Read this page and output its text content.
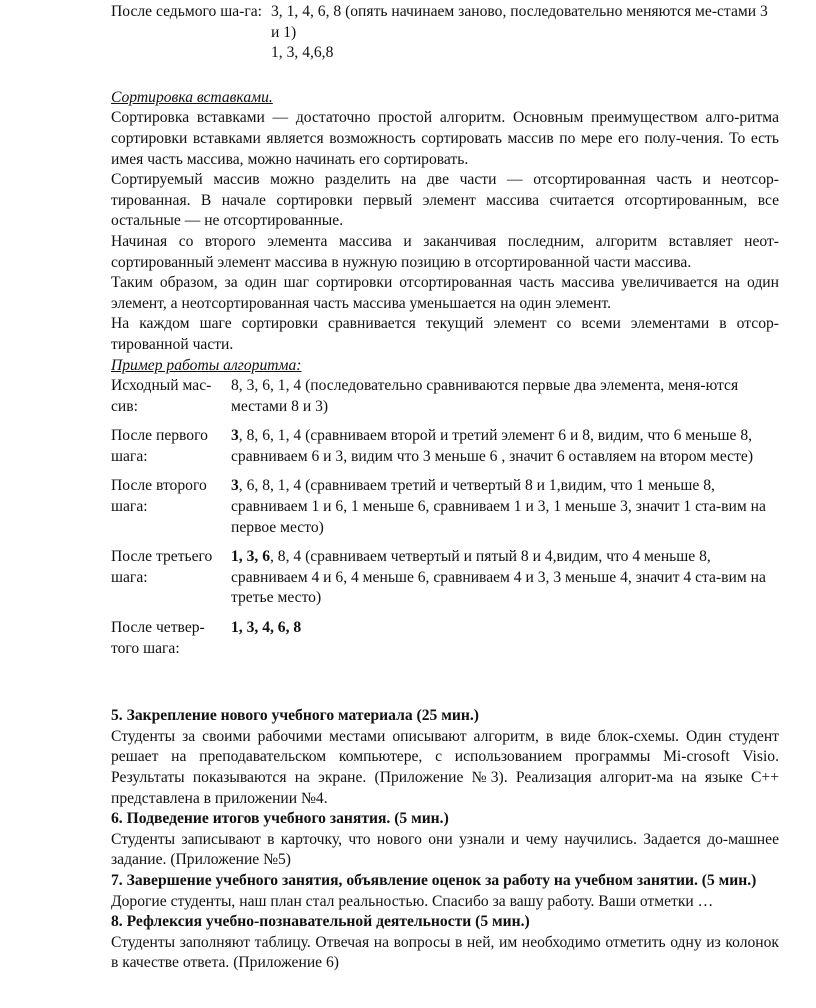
После седьмого ша-га:	3, 1, 4, 6, 8 (опять начинаем заново, последовательно меняются ме-стами 3 и 1)
1, 3, 4,6,8

Сортировка вставками.

Сортировка вставками — достаточно простой алгоритм. Основным преимуществом алго-ритма сортировки вставками является возможность сортировать массив по мере его полу-чения. То есть имея часть массива, можно начинать его сортировать.

Сортируемый массив можно разделить на две части — отсортированная часть и неотсор-тированная. В начале сортировки первый элемент массива считается отсортированным, все остальные — не отсортированные.

Начиная со второго элемента массива и заканчивая последним, алгоритм вставляет неот-сортированный элемент массива в нужную позицию в отсортированной части массива.

Таким образом, за один шаг сортировки отсортированная часть массива увеличивается на один элемент, а неотсортированная часть массива уменьшается на один элемент.

На каждом шаге сортировки сравнивается текущий элемент со всеми элементами в отсор-тированной части.

Пример работы алгоритма:

Исходный мас-сив:	8, 3, 6, 1, 4 (последовательно сравниваются первые два элемента, меня-ются местами 8 и 3)
После первого шага:	3, 8, 6, 1, 4 (сравниваем второй и третий элемент 6 и 8, видим, что 6 меньше 8, сравниваем 6 и 3, видим что 3 меньше 6 , значит 6 оставляем на втором месте)
После второго шага:	3, 6, 8, 1, 4 (сравниваем третий и четвертый 8 и 1,видим, что 1 меньше 8, сравниваем 1 и 6, 1 меньше 6, сравниваем 1 и 3, 1 меньше 3, значит 1 ста-вим на первое место)
После третьего шага:	1, 3, 6, 8, 4 (сравниваем четвертый и пятый 8 и 4,видим, что 4 меньше 8, сравниваем 4 и 6, 4 меньше 6, сравниваем 4 и 3, 3 меньше 4, значит 4 ста-вим на третье место)
После четвер- того шага:	1, 3, 4, 6, 8

5. Закрепление нового учебного материала (25 мин.)

Студенты за своими рабочими местами описывают алгоритм, в виде блок-схемы. Один студент решает на преподавательском компьютере, с использованием программы Mi-crosoft Visio. Результаты показываются на экране. (Приложение №3). Реализация алгорит-ма на языке С++ представлена в приложении №4.

6. Подведение итогов учебного занятия. (5 мин.)

Студенты записывают в карточку, что нового они узнали и чему научились. Задается до-машнее задание. (Приложение №5)

7. Завершение учебного занятия, объявление оценок за работу на учебном занятии. (5 мин.)

Дорогие студенты, наш план стал реальностью. Спасибо за вашу работу. Ваши отметки …

8. Рефлексия учебно-познавательной деятельности (5 мин.)

Студенты заполняют таблицу. Отвечая на вопросы в ней, им необходимо отметить одну из колонок в качестве ответа. (Приложение 6)
